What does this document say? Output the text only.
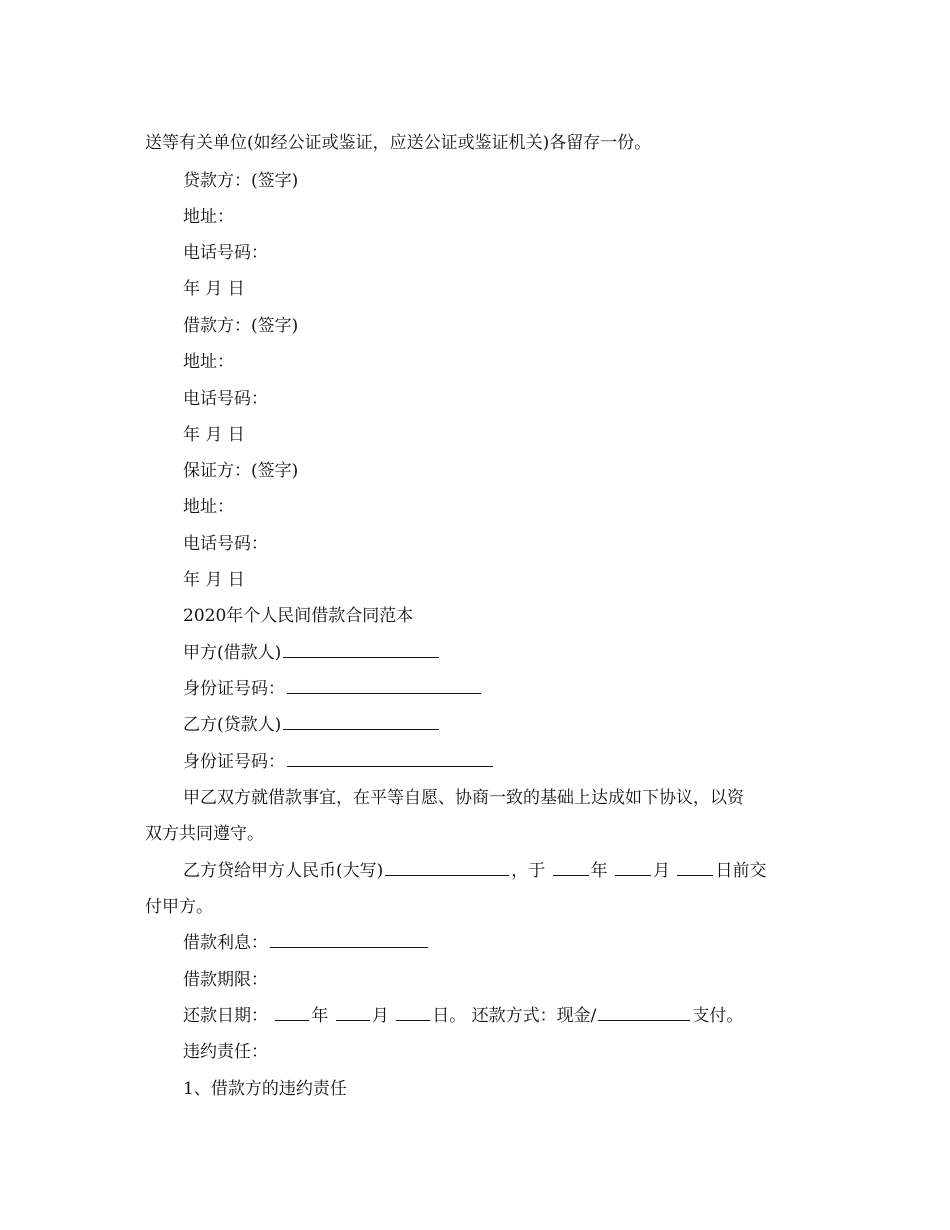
送等有关单位(如经公证或鉴证，应送公证或鉴证机关)各留存一份。
贷款方：(签字)
地址：
电话号码：
年 月 日
借款方：(签字)
地址：
电话号码：
年 月 日
保证方：(签字)
地址：
电话号码：
年 月 日
2020年个人民间借款合同范本
甲方(借款人)
身份证号码：
乙方(贷款人)
身份证号码：
甲乙双方就借款事宜，在平等自愿、协商一致的基础上达成如下协议，以资
双方共同遵守。
乙方贷给甲方人民币(大写)	，于	年	月	日前交
付甲方。
借款利息：
借款期限：
还款日期：	年	月	日。 还款方式：现金/	支付。
违约责任：
1、借款方的违约责任
